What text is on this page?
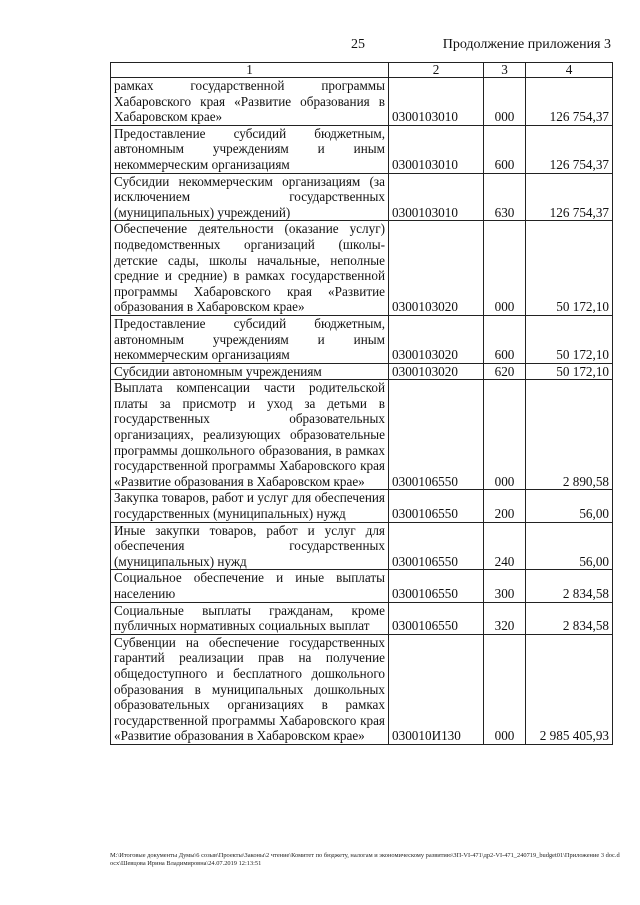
25	Продолжение приложения 3
1	2	3	4
рамках государственной программы Хабаровского края «Развитие образования в Хабаровском крае»	0300103010	000	126 754,37
Предоставление субсидий бюджетным, автономным учреждениям и иным некоммерческим организациям	0300103010	600	126 754,37
Субсидии некоммерческим организациям (за исключением государственных (муниципальных) учреждений)	0300103010	630	126 754,37
Обеспечение деятельности (оказание услуг) подведомственных организаций (школы-детские сады, школы начальные, неполные средние и средние) в рамках государственной программы Хабаровского края «Развитие образования в Хабаровском крае»	0300103020	000	50 172,10
Предоставление субсидий бюджетным, автономным учреждениям и иным некоммерческим организациям	0300103020	600	50 172,10
Субсидии автономным учреждениям	0300103020	620	50 172,10
Выплата компенсации части родительской платы за присмотр и уход за детьми в государственных образовательных организациях, реализующих образовательные программы дошкольного образования, в рамках государственной программы Хабаровского края «Развитие образования в Хабаровском крае»	0300106550	000	2 890,58
Закупка товаров, работ и услуг для обеспечения государственных (муниципальных) нужд	0300106550	200	56,00
Иные закупки товаров, работ и услуг для обеспечения государственных (муниципальных) нужд	0300106550	240	56,00
Социальное обеспечение и иные выплаты населению	0300106550	300	2 834,58
Социальные выплаты гражданам, кроме публичных нормативных социальных выплат	0300106550	320	2 834,58
Субвенции на обеспечение государственных гарантий реализации прав на получение общедоступного и бесплатного дошкольного образования в муниципальных дошкольных образовательных организациях в рамках государственной программы Хабаровского края «Развитие образования в Хабаровском крае»	030010И130	000	2 985 405,93
M:\Итоговые документы Думы\6 созыв\Проекты\Законы\2 чтение\Комитет по бюджету, налогам и экономическому развитию\ЗП-VI-471\др2-VI-471_240719_budget01\Приложение 3 doc.docx\Шевцова Ирина Владимировна\24.07.2019 12:13:51
